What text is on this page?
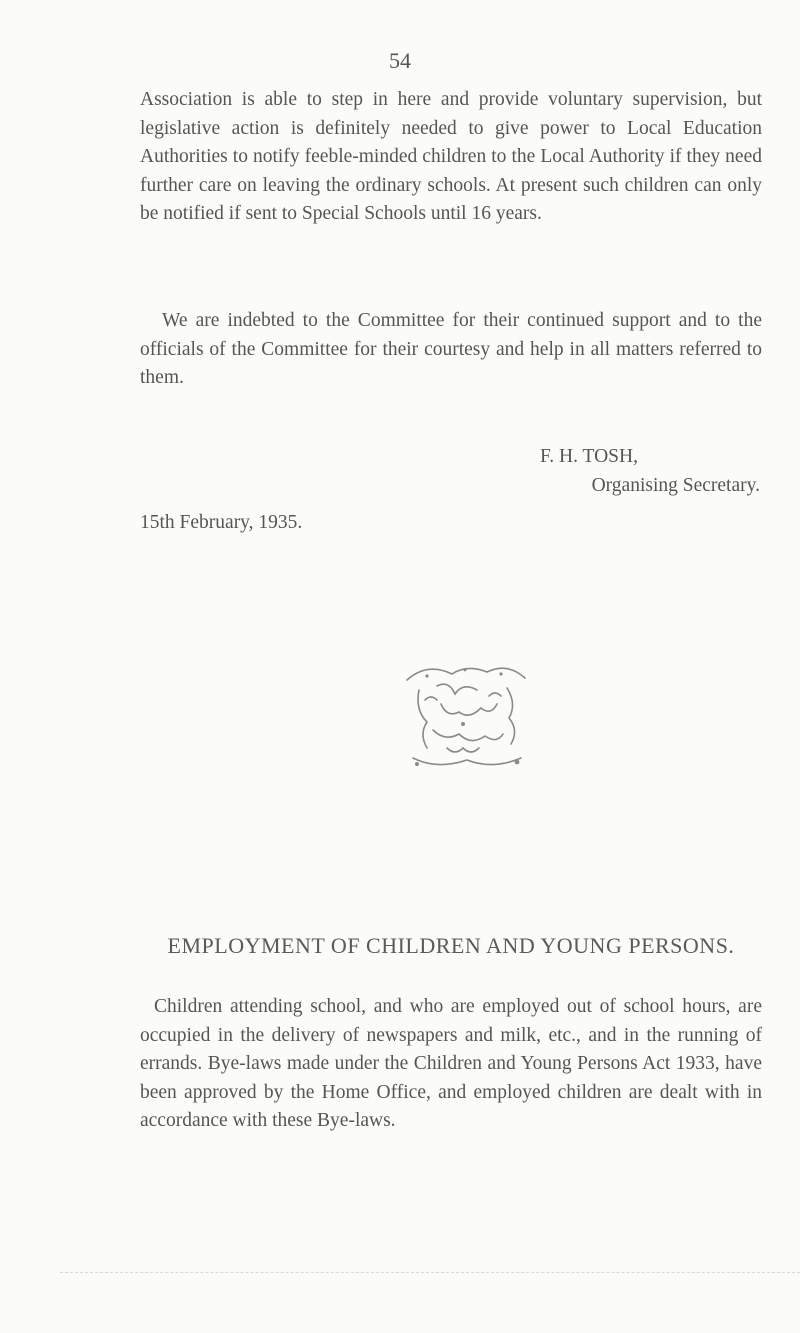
54

Association is able to step in here and provide voluntary supervision, but legislative action is definitely needed to give power to Local Education Authorities to notify feeble-minded children to the Local Authority if they need further care on leaving the ordinary schools. At present such children can only be notified if sent to Special Schools until 16 years.

We are indebted to the Committee for their continued support and to the officials of the Committee for their courtesy and help in all matters referred to them.

F. H. TOSH,
Organising Secretary.
15th February, 1935.
EMPLOYMENT OF CHILDREN AND YOUNG PERSONS.

Children attending school, and who are employed out of school hours, are occupied in the delivery of newspapers and milk, etc., and in the running of errands. Bye-laws made under the Children and Young Persons Act 1933, have been approved by the Home Office, and employed children are dealt with in accordance with these Bye-laws.
